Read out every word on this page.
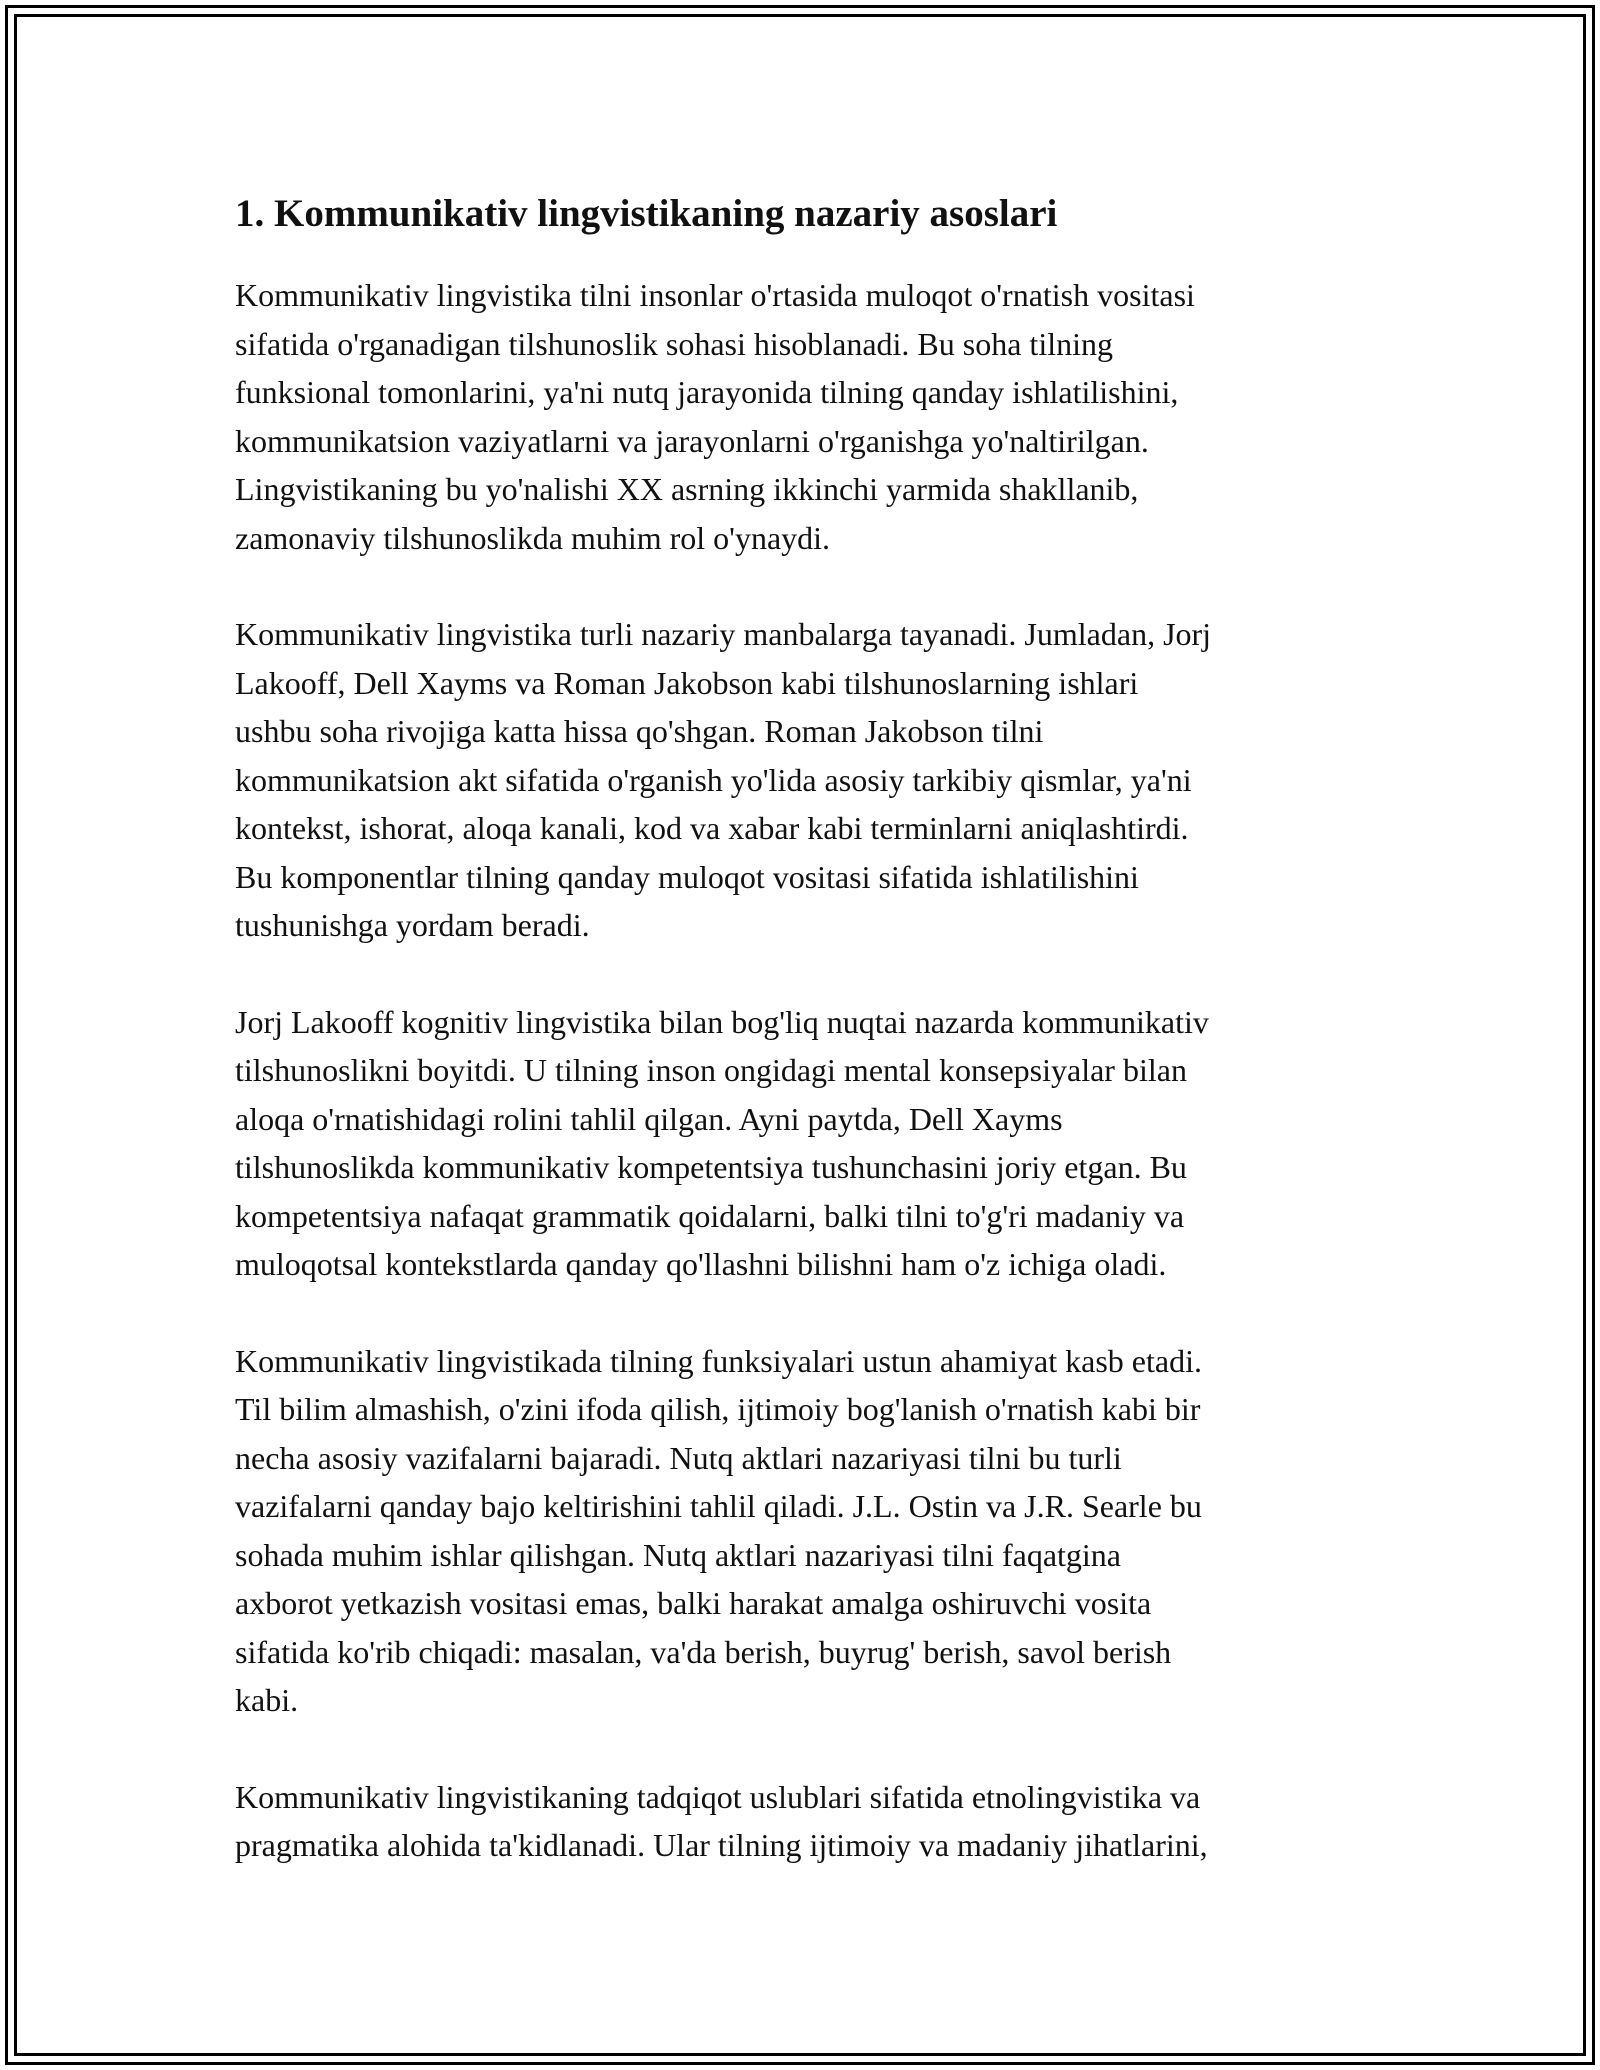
1. Kommunikativ lingvistikaning nazariy asoslari

Kommunikativ lingvistika tilni insonlar o'rtasida muloqot o'rnatish vositasi
sifatida o'rganadigan tilshunoslik sohasi hisoblanadi. Bu soha tilning
funksional tomonlarini, ya'ni nutq jarayonida tilning qanday ishlatilishini,
kommunikatsion vaziyatlarni va jarayonlarni o'rganishga yo'naltirilgan.
Lingvistikaning bu yo'nalishi XX asrning ikkinchi yarmida shakllanib,
zamonaviy tilshunoslikda muhim rol o'ynaydi.

Kommunikativ lingvistika turli nazariy manbalarga tayanadi. Jumladan, Jorj
Lakooff, Dell Xayms va Roman Jakobson kabi tilshunoslarning ishlari
ushbu soha rivojiga katta hissa qo'shgan. Roman Jakobson tilni
kommunikatsion akt sifatida o'rganish yo'lida asosiy tarkibiy qismlar, ya'ni
kontekst, ishorat, aloqa kanali, kod va xabar kabi terminlarni aniqlashtirdi.
Bu komponentlar tilning qanday muloqot vositasi sifatida ishlatilishini
tushunishga yordam beradi.

Jorj Lakooff kognitiv lingvistika bilan bog'liq nuqtai nazarda kommunikativ
tilshunoslikni boyitdi. U tilning inson ongidagi mental konsepsiyalar bilan
aloqa o'rnatishidagi rolini tahlil qilgan. Ayni paytda, Dell Xayms
tilshunoslikda kommunikativ kompetentsiya tushunchasini joriy etgan. Bu
kompetentsiya nafaqat grammatik qoidalarni, balki tilni to'g'ri madaniy va
muloqotsal kontekstlarda qanday qo'llashni bilishni ham o'z ichiga oladi.

Kommunikativ lingvistikada tilning funksiyalari ustun ahamiyat kasb etadi.
Til bilim almashish, o'zini ifoda qilish, ijtimoiy bog'lanish o'rnatish kabi bir
necha asosiy vazifalarni bajaradi. Nutq aktlari nazariyasi tilni bu turli
vazifalarni qanday bajo keltirishini tahlil qiladi. J.L. Ostin va J.R. Searle bu
sohada muhim ishlar qilishgan. Nutq aktlari nazariyasi tilni faqatgina
axborot yetkazish vositasi emas, balki harakat amalga oshiruvchi vosita
sifatida ko'rib chiqadi: masalan, va'da berish, buyrug' berish, savol berish
kabi.

Kommunikativ lingvistikaning tadqiqot uslublari sifatida etnolingvistika va
pragmatika alohida ta'kidlanadi. Ular tilning ijtimoiy va madaniy jihatlarini,
